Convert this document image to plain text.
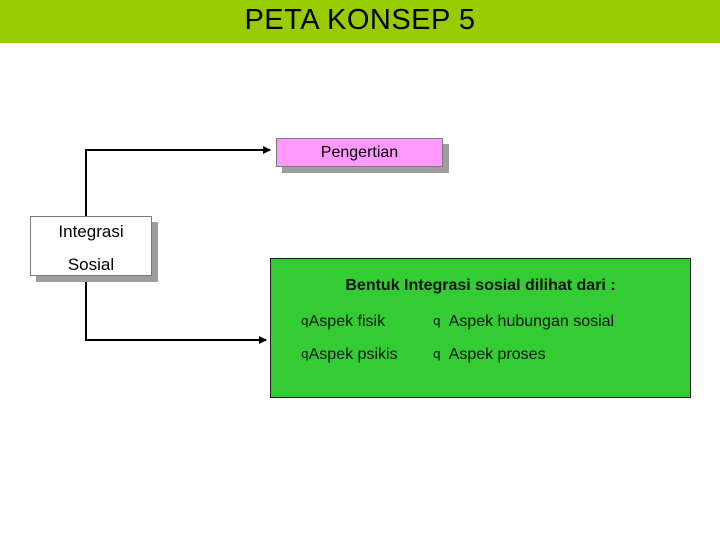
PETA KONSEP 5
Pengertian
Integrasi
Sosial
Bentuk Integrasi sosial dilihat dari :
qAspek fisik	q Aspek hubungan sosial
qAspek psikis	q Aspek proses
